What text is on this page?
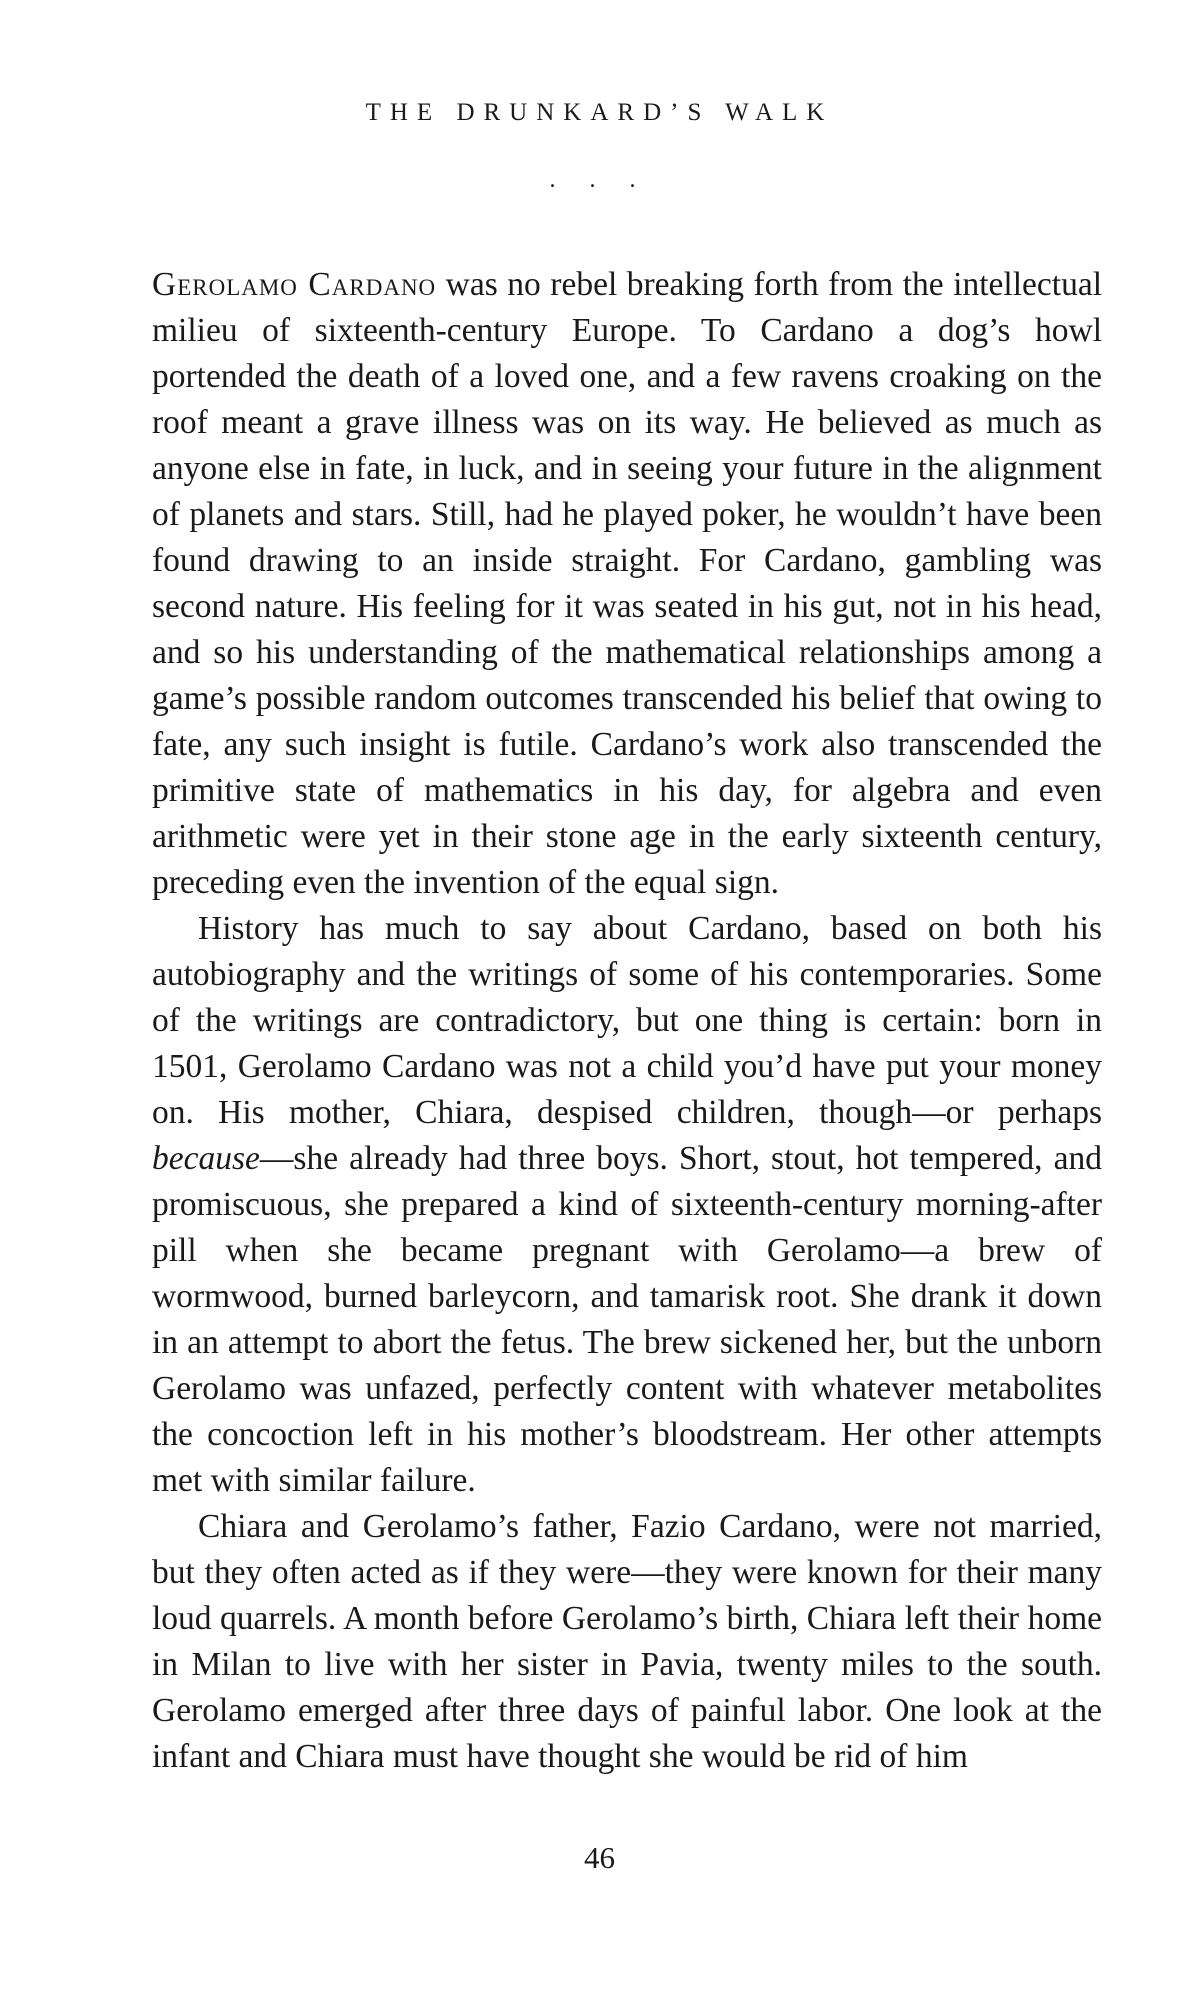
THE DRUNKARD’S WALK
. . .

Gerolamo Cardano was no rebel breaking forth from the intellectual milieu of sixteenth-century Europe. To Cardano a dog’s howl portended the death of a loved one, and a few ravens croaking on the roof meant a grave illness was on its way. He believed as much as anyone else in fate, in luck, and in seeing your future in the alignment of planets and stars. Still, had he played poker, he wouldn’t have been found drawing to an inside straight. For Cardano, gambling was second nature. His feeling for it was seated in his gut, not in his head, and so his understanding of the mathematical relationships among a game’s possible random outcomes transcended his belief that owing to fate, any such insight is futile. Cardano’s work also transcended the primitive state of mathematics in his day, for algebra and even arithmetic were yet in their stone age in the early sixteenth century, preceding even the invention of the equal sign.

History has much to say about Cardano, based on both his autobiography and the writings of some of his contemporaries. Some of the writings are contradictory, but one thing is certain: born in 1501, Gerolamo Cardano was not a child you’d have put your money on. His mother, Chiara, despised children, though—or perhaps because—she already had three boys. Short, stout, hot tempered, and promiscuous, she prepared a kind of sixteenth-century morning-after pill when she became pregnant with Gerolamo—a brew of wormwood, burned barleycorn, and tamarisk root. She drank it down in an attempt to abort the fetus. The brew sickened her, but the unborn Gerolamo was unfazed, perfectly content with whatever metabolites the concoction left in his mother’s bloodstream. Her other attempts met with similar failure.

Chiara and Gerolamo’s father, Fazio Cardano, were not married, but they often acted as if they were—they were known for their many loud quarrels. A month before Gerolamo’s birth, Chiara left their home in Milan to live with her sister in Pavia, twenty miles to the south. Gerolamo emerged after three days of painful labor. One look at the infant and Chiara must have thought she would be rid of him

46
